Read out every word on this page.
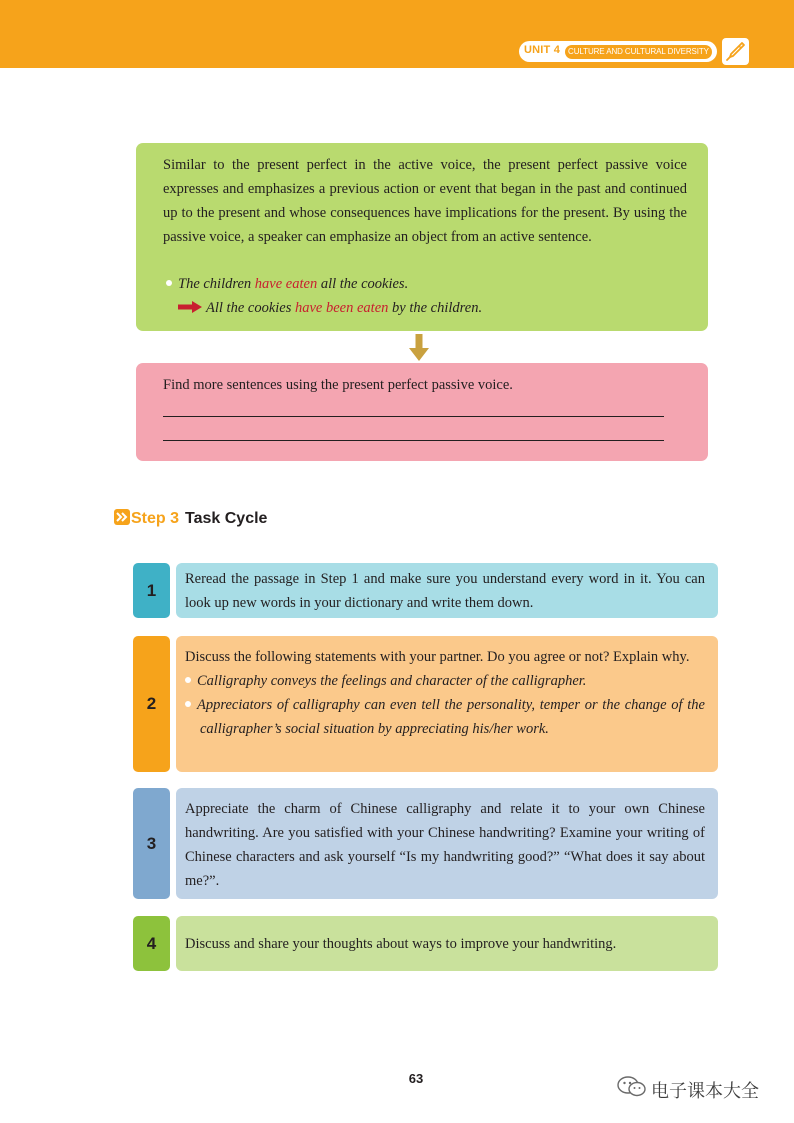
UNIT 4	CULTURE AND CULTURAL DIVERSITY

Similar to the present perfect in the active voice, the present perfect passive voice expresses and emphasizes a previous action or event that began in the past and continued up to the present and whose consequences have implications for the present. By using the passive voice, a speaker can emphasize an object from an active sentence.

The children have eaten all the cookies.
All the cookies have been eaten by the children.

Find more sentences using the present perfect passive voice.

Step 3 Task Cycle
1

Reread the passage in Step 1 and make sure you understand every word in it. You can look up new words in your dictionary and write them down.

2

Discuss the following statements with your partner. Do you agree or not? Explain why.

Calligraphy conveys the feelings and character of the calligrapher.

Appreciators of calligraphy can even tell the personality, temper or the change of the calligrapher’s social situation by appreciating his/her work.

3

Appreciate the charm of Chinese calligraphy and relate it to your own Chinese handwriting. Are you satisfied with your Chinese handwriting? Examine your writing of Chinese characters and ask yourself “Is my handwriting good?” “What does it say about me?”.

4	Discuss and share your thoughts about ways to improve your handwriting.

63
电子课本大全
